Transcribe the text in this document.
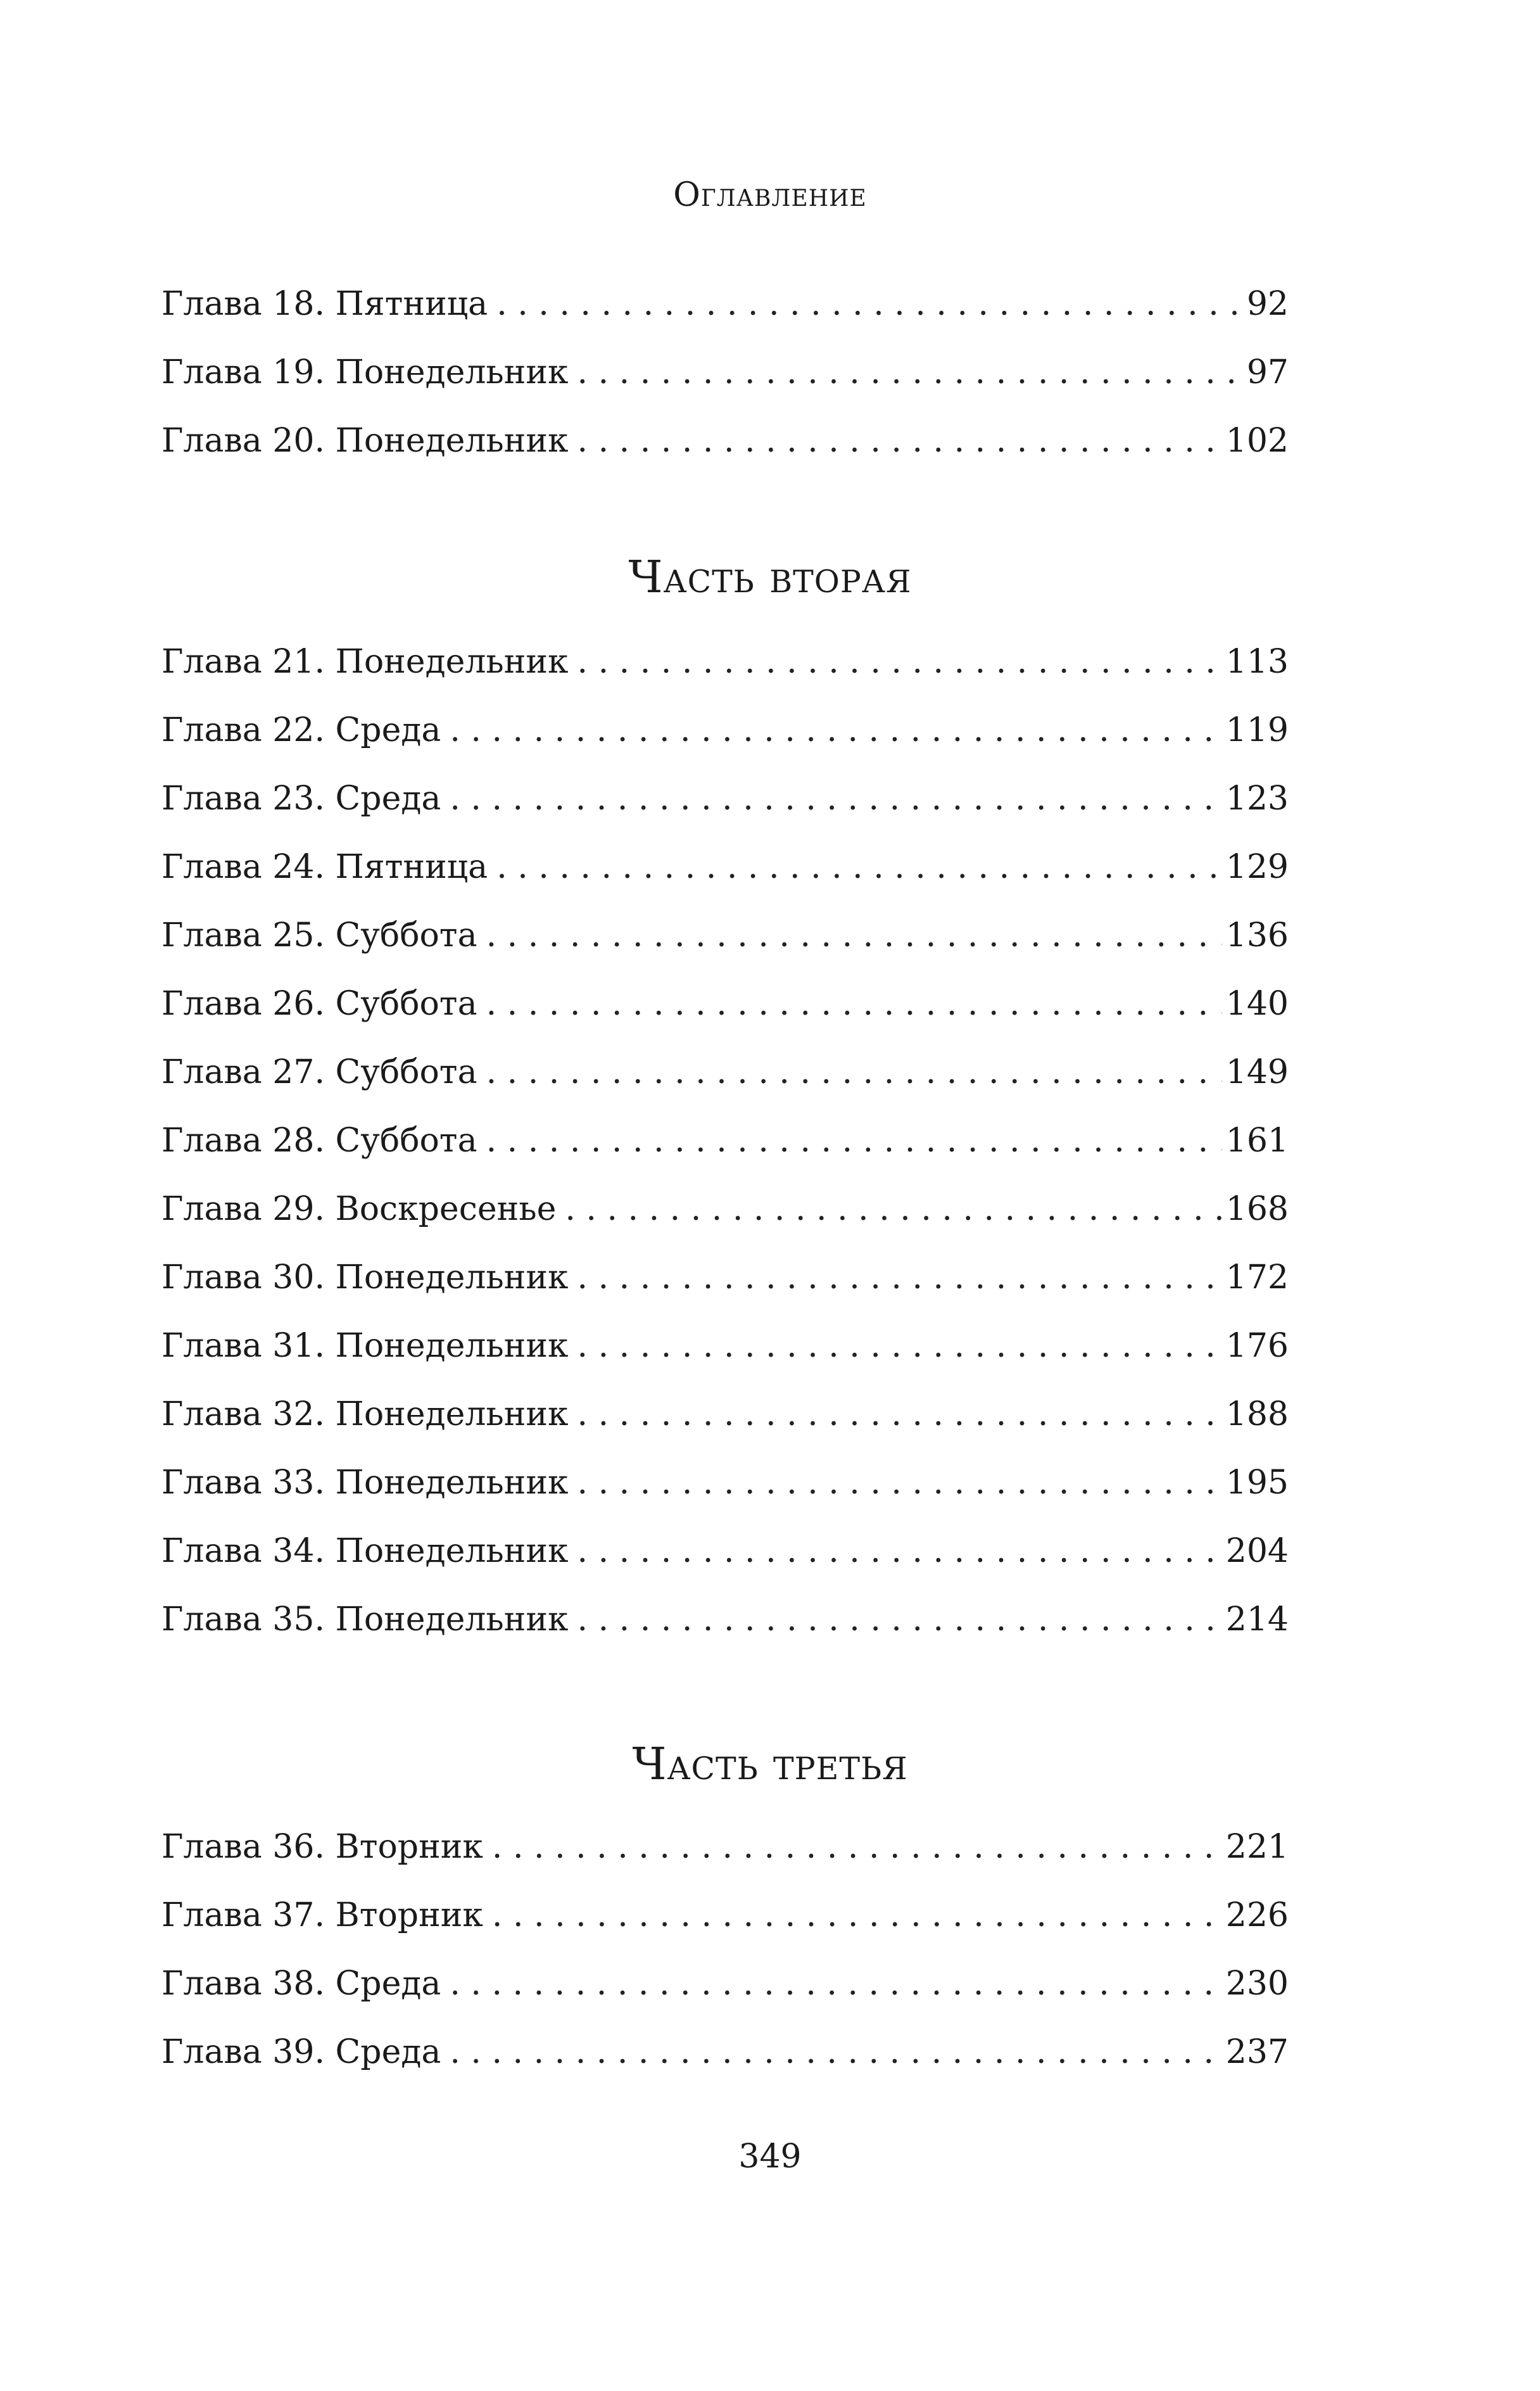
Оглавление
Глава 18. Пятница . . .	92
Глава 19. Понедельник . . .	97
Глава 20. Понедельник . . .	102
Часть вторая
Глава 21. Понедельник . . .	113
Глава 22. Среда . . .	119
Глава 23. Среда . . .	123
Глава 24. Пятница . . .	129
Глава 25. Суббота . . .	136
Глава 26. Суббота . . .	140
Глава 27. Суббота . . .	149
Глава 28. Суббота . . .	161
Глава 29. Воскресенье . . .	168
Глава 30. Понедельник . . .	172
Глава 31. Понедельник . . .	176
Глава 32. Понедельник . . .	188
Глава 33. Понедельник . . .	195
Глава 34. Понедельник . . .	204
Глава 35. Понедельник . . .	214
Часть третья
Глава 36. Вторник . . .	221
Глава 37. Вторник . . .	226
Глава 38. Среда . . .	230
Глава 39. Среда . . .	237
349
